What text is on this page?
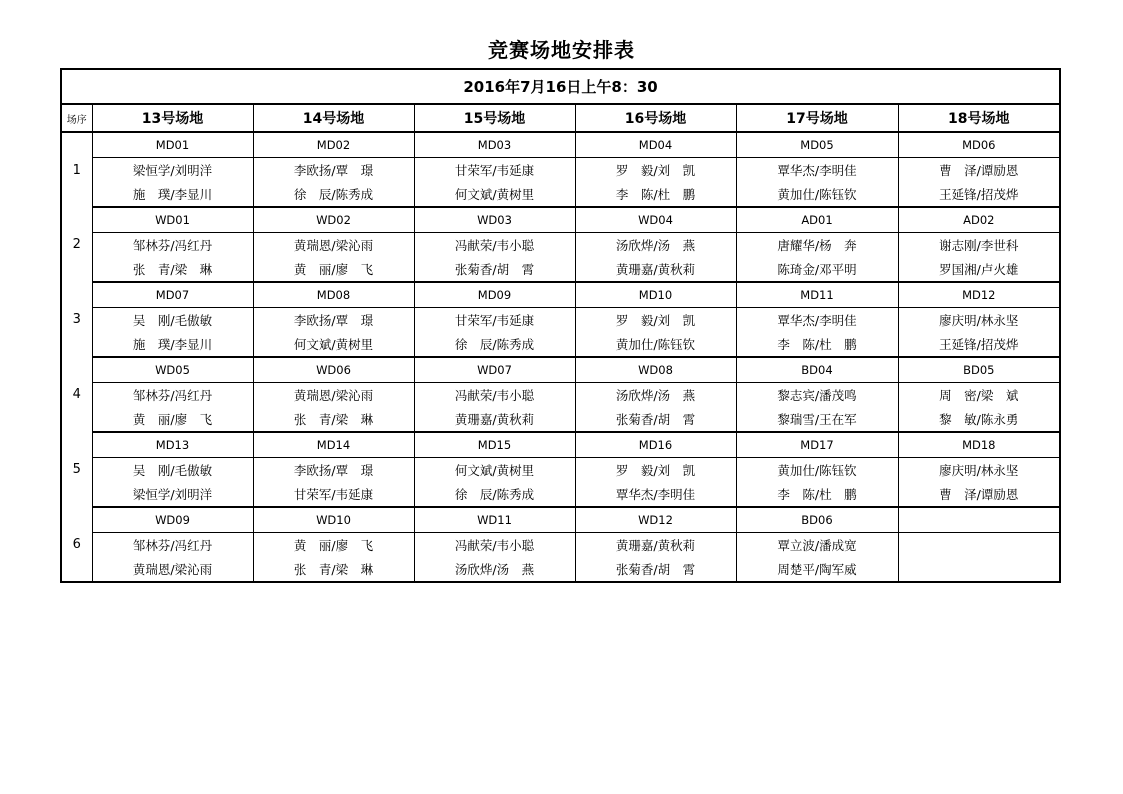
竞赛场地安排表
2016年7月16日上午8：30						
场序	13号场地	14号场地	15号场地	16号场地	17号场地	18号场地
1	MD01	MD02	MD03	MD04	MD05	MD06
	梁恒学/刘明洋	李欧扬/覃　璟	甘荣军/韦延康	罗　毅/刘　凯	覃华杰/李明佳	曹　泽/谭励恩
	施　璞/李显川	徐　辰/陈秀成	何文斌/黄树里	李　陈/杜　鹏	黄加仕/陈钰钦	王延锋/招茂烨
2	WD01	WD02	WD03	WD04	AD01	AD02
	邹林芬/冯红丹	黄瑞恩/梁沁雨	冯献荣/韦小聪	汤欣烨/汤　燕	唐耀华/杨　奔	谢志刚/李世科
	张　青/梁　琳	黄　丽/廖　飞	张菊香/胡　霄	黄珊嘉/黄秋莉	陈琦金/邓平明	罗国湘/卢火雄
3	MD07	MD08	MD09	MD10	MD11	MD12
	吴　刚/毛傲敏	李欧扬/覃　璟	甘荣军/韦延康	罗　毅/刘　凯	覃华杰/李明佳	廖庆明/林永坚
	施　璞/李显川	何文斌/黄树里	徐　辰/陈秀成	黄加仕/陈钰钦	李　陈/杜　鹏	王延锋/招茂烨
4	WD05	WD06	WD07	WD08	BD04	BD05
	邹林芬/冯红丹	黄瑞恩/梁沁雨	冯献荣/韦小聪	汤欣烨/汤　燕	黎志宾/潘茂鸣	周　密/梁　斌
	黄　丽/廖　飞	张　青/梁　琳	黄珊嘉/黄秋莉	张菊香/胡　霄	黎瑞雪/王在军	黎　敏/陈永勇
5	MD13	MD14	MD15	MD16	MD17	MD18
	吴　刚/毛傲敏	李欧扬/覃　璟	何文斌/黄树里	罗　毅/刘　凯	黄加仕/陈钰钦	廖庆明/林永坚
	梁恒学/刘明洋	甘荣军/韦延康	徐　辰/陈秀成	覃华杰/李明佳	李　陈/杜　鹏	曹　泽/谭励恩
6	WD09	WD10	WD11	WD12	BD06	
	邹林芬/冯红丹	黄　丽/廖　飞	冯献荣/韦小聪	黄珊嘉/黄秋莉	覃立波/潘成宽	
	黄瑞恩/梁沁雨	张　青/梁　琳	汤欣烨/汤　燕	张菊香/胡　霄	周楚平/陶军威	
